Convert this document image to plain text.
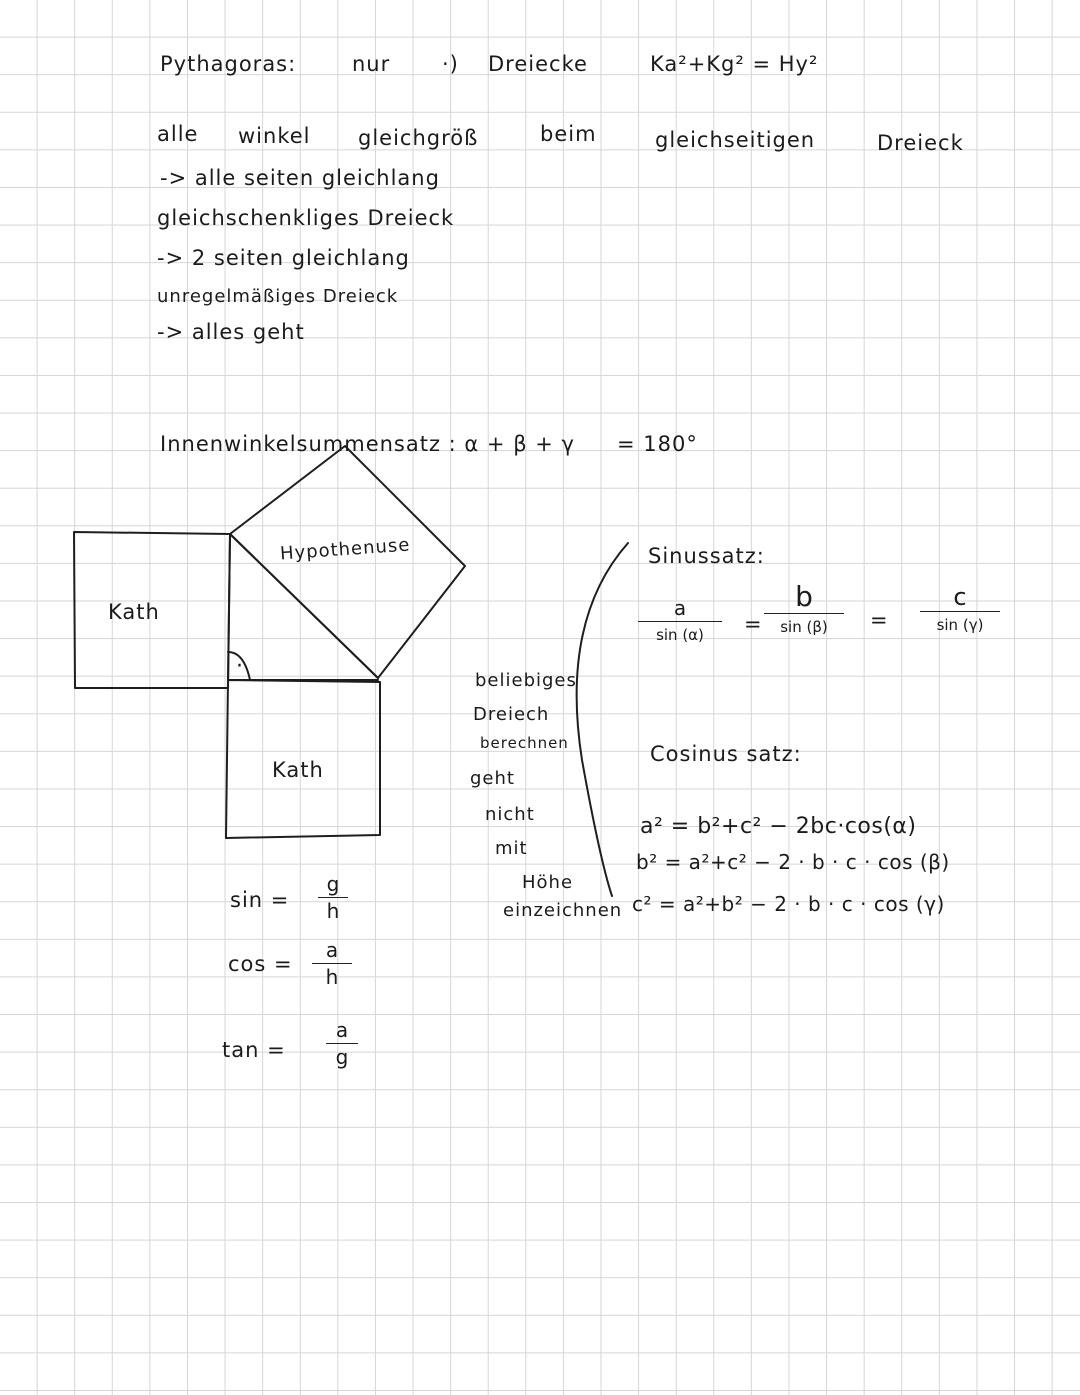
Pythagoras:	nur ·) Dreiecke	Ka²+Kg² = Hy²
alle winkel gleichgröß	beim	gleichseitigen	Dreieck
-> alle seiten gleichlang
gleichschenkliges Dreieck
-> 2 seiten gleichlang
unregelmäßiges Dreieck
-> alles geht
Innenwinkelsummensatz : α + β + γ = 180°
·
Kath
Hypothenuse
Kath
sin =
g
h
cos =
a
h
tan =
a
g
beliebiges
Dreiech
berechnen
geht
nicht
mit
Höhe
einzeichnen
Sinussatz:
a
sin (α)	=
b
sin (β)	=
c
sin (γ)
Cosinus satz:
a² = b²+c² − 2bc·cos(α)
b² = a²+c² − 2 · b · c · cos (β)
c² = a²+b² − 2 · b · c · cos (γ)
